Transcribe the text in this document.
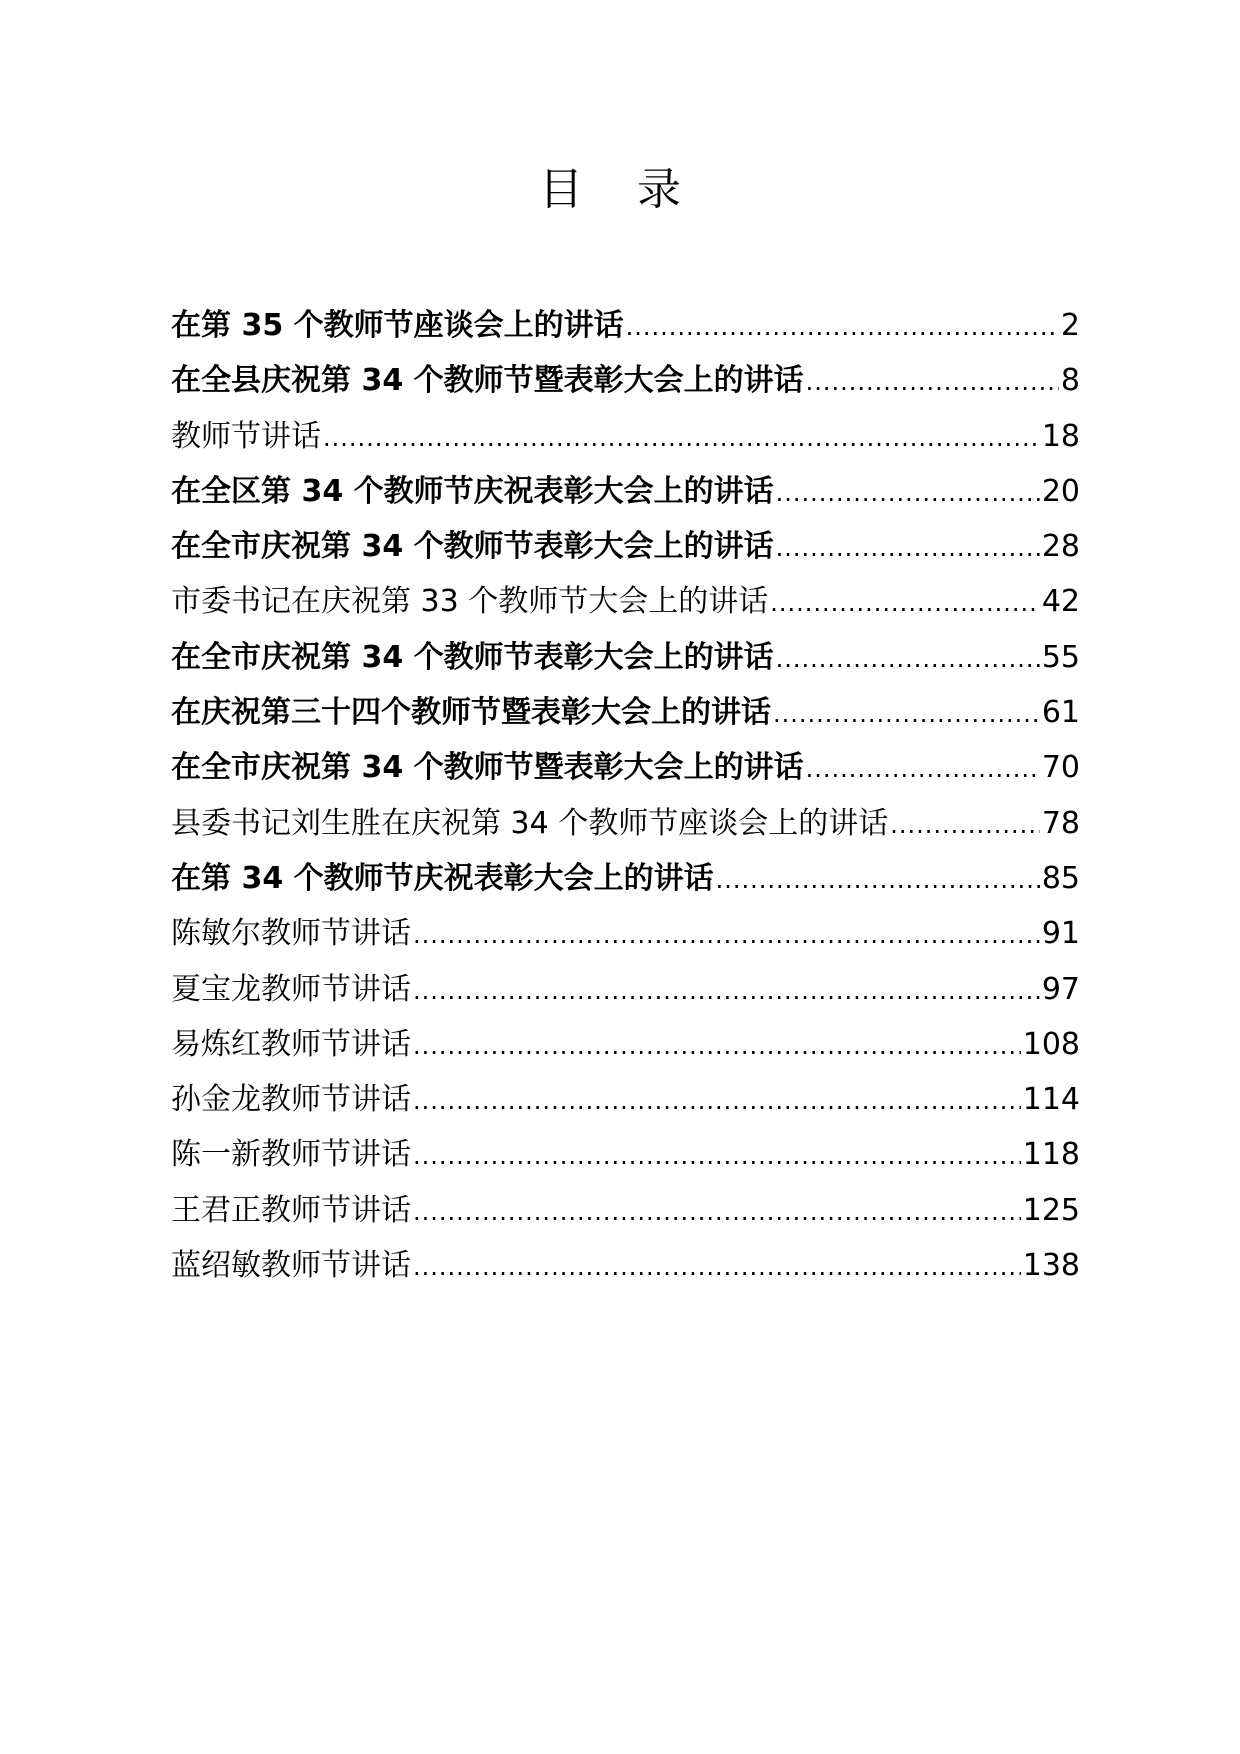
目 录
在第 35 个教师节座谈会上的讲话 .....	2
在全县庆祝第 34 个教师节暨表彰大会上的讲话 .....	8
教师节讲话 .....	18
在全区第 34 个教师节庆祝表彰大会上的讲话 .....	20
在全市庆祝第 34 个教师节表彰大会上的讲话 .....	28
市委书记在庆祝第 33 个教师节大会上的讲话 .....	42
在全市庆祝第 34 个教师节表彰大会上的讲话 .....	55
在庆祝第三十四个教师节暨表彰大会上的讲话 .....	61
在全市庆祝第 34 个教师节暨表彰大会上的讲话 .....	70
县委书记刘生胜在庆祝第 34 个教师节座谈会上的讲话 .....	78
在第 34 个教师节庆祝表彰大会上的讲话 .....	85
陈敏尔教师节讲话 .....	91
夏宝龙教师节讲话 .....	97
易炼红教师节讲话 .....	108
孙金龙教师节讲话 .....	114
陈一新教师节讲话 .....	118
王君正教师节讲话 .....	125
蓝绍敏教师节讲话 .....	138
